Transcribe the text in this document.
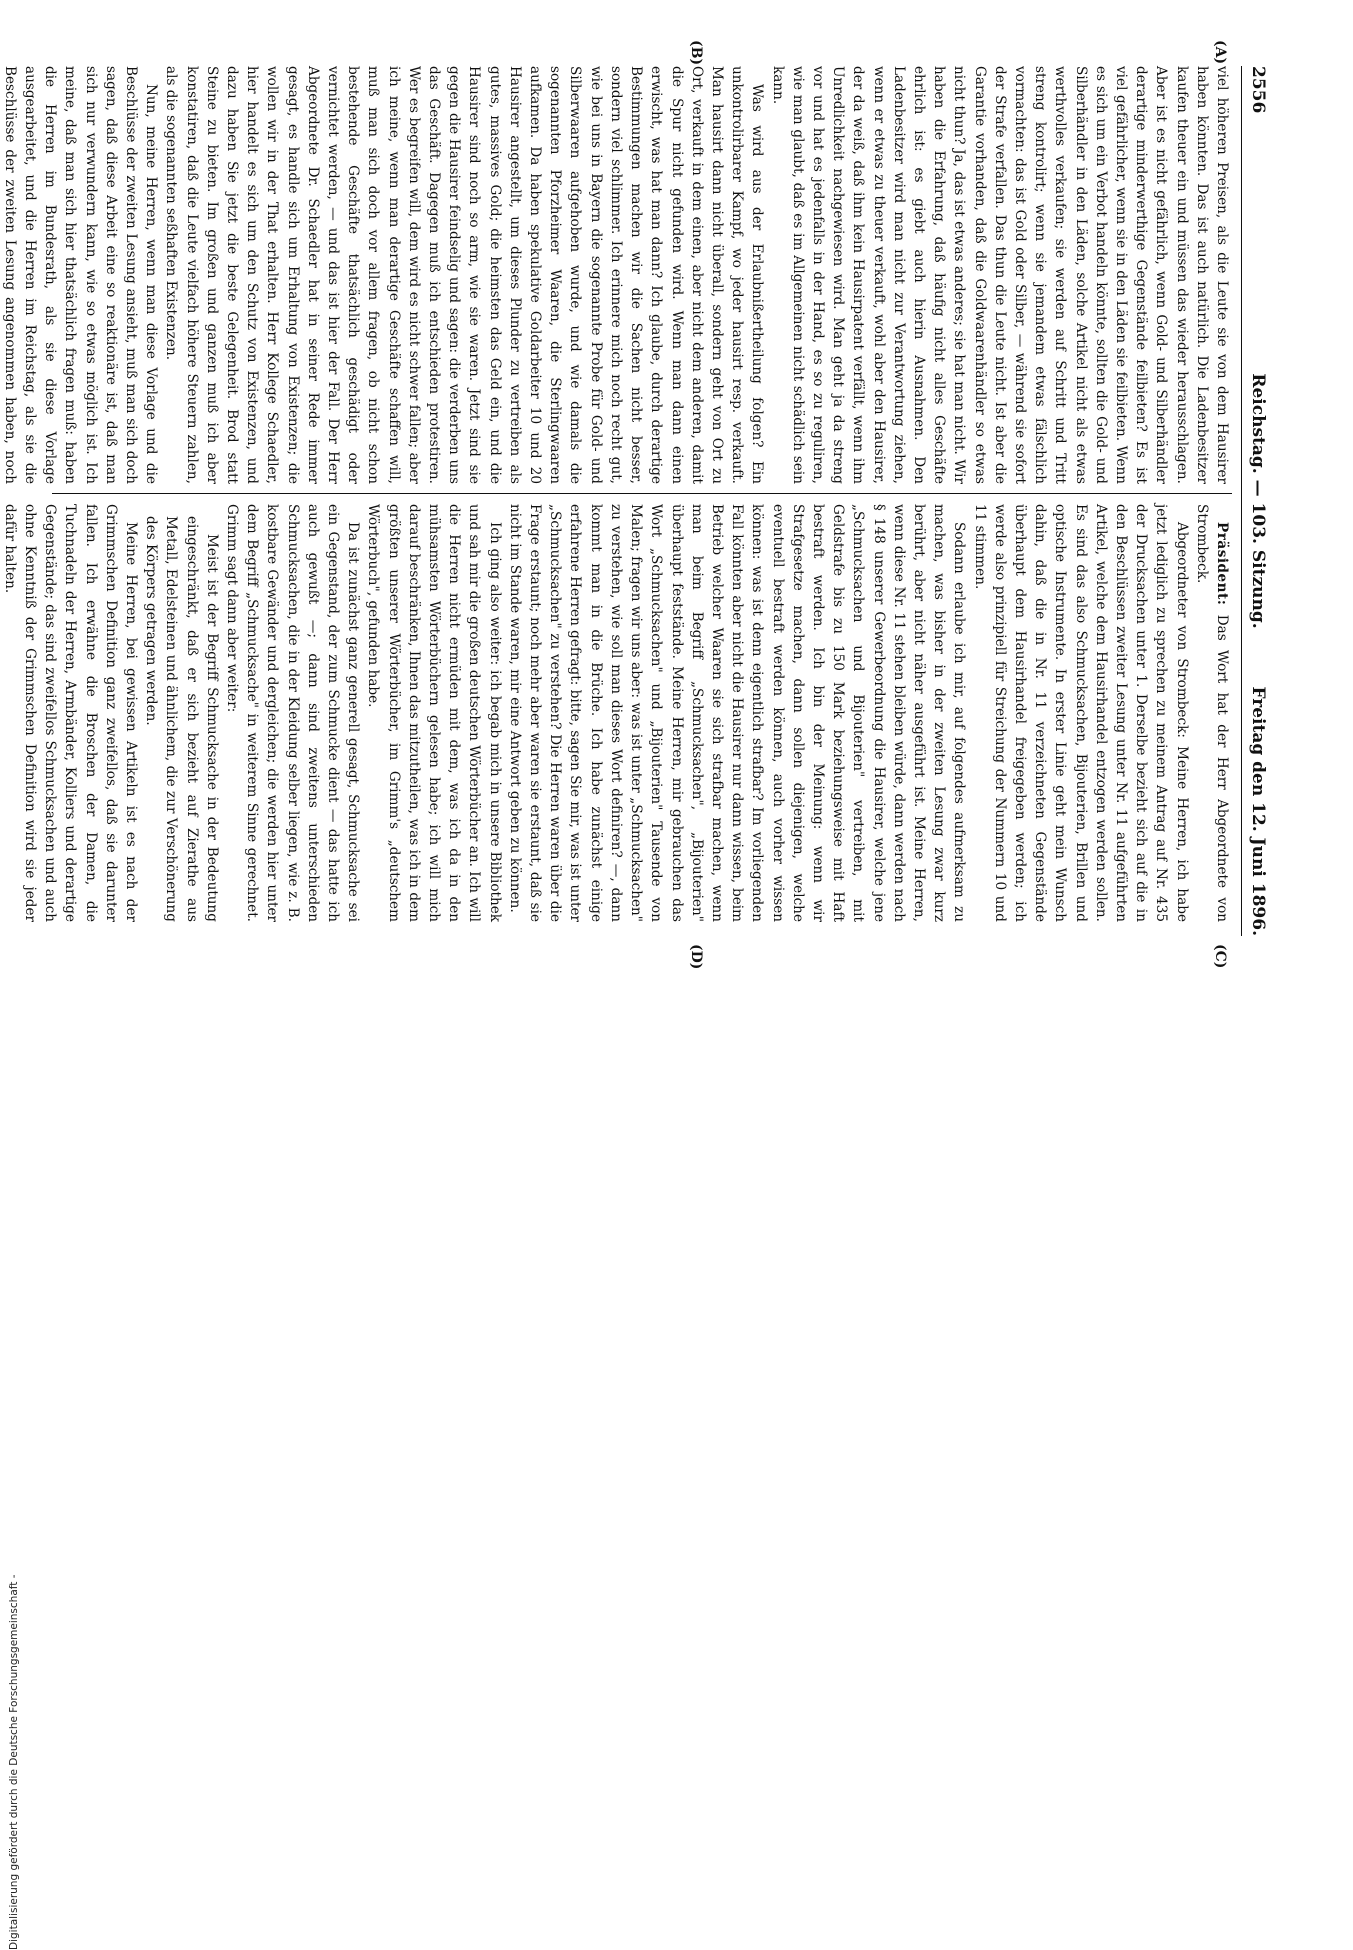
Digitalisierung gefördert durch die Deutsche Forschungsgemeinschaft -
2556
Reichstag. — 103. Sitzung.
Freitag den 12. Juni 1896.
(A)
(B)
(C)
(D)

viel höheren Preisen, als die Leute sie von dem Hausirer haben könnten. Das ist auch natürlich. Die Ladenbesitzer kaufen theuer ein und müssen das wieder herausschlagen. Aber ist es nicht gefährlich, wenn Gold- und Silberhändler derartige minderwerthige Gegenstände feilbieten? Es ist viel gefährlicher, wenn sie in den Läden sie feilbieten. Wenn es sich um ein Verbot handeln könnte, sollten die Gold- und Silberhändler in den Läden, solche Artikel nicht als etwas werthvolles verkaufen; sie werden auf Schritt und Tritt streng kontrolirt; wenn sie jemandem etwas fälschlich vormachten: das ist Gold oder Silber, — während sie sofort der Strafe verfallen. Das thun die Leute nicht. Ist aber die Garantie vorhanden, daß die Goldwaarenhändler so etwas nicht thun? Ja, das ist etwas anderes; sie hat man nicht. Wir haben die Erfahrung, daß häufig nicht alles Geschäfte ehrlich ist: es giebt auch hierin Ausnahmen. Den Ladenbesitzer wird man nicht zur Verantwortung ziehen, wenn er etwas zu theuer verkauft, wohl aber den Hausirer, der da weiß, daß ihm kein Hausirpatent verfällt, wenn ihm Unredlichkeit nachgewiesen wird. Man geht ja da streng vor und hat es jedenfalls in der Hand, es so zu reguliren, wie man glaubt, daß es im Allgemeinen nicht schädlich sein kann.

Was wird aus der Erlaubnißertheilung folgen? Ein unkontrolirbarer Kampf, wo jeder hausirt resp. verkauft. Man hausirt dann nicht überall, sondern geht von Ort zu Ort, verkauft in dem einen, aber nicht dem anderen, damit die Spur nicht gefunden wird. Wenn man dann einen erwischt, was hat man dann? Ich glaube, durch derartige Bestimmungen machen wir die Sachen nicht besser, sondern viel schlimmer. Ich erinnere mich noch recht gut, wie bei uns in Bayern die sogenannte Probe für Gold- und Silberwaaren aufgehoben wurde, und wie damals die sogenannten Pforzheimer Waaren, die Sterlingwaaren aufkamen. Da haben spekulative Goldarbeiter 10 und 20 Hausirer angestellt, um dieses Plunder zu vertreiben als gutes, massives Gold; die heimsten das Geld ein, und die Hausirer sind noch so arm, wie sie waren. Jetzt sind sie gegen die Hausirer feindselig und sagen: die verderben uns das Geschäft. Dagegen muß ich entschieden protestiren. Wer es begreifen will, dem wird es nicht schwer fallen; aber ich meine, wenn man derartige Geschäfte schaffen will, muß man sich doch vor allem fragen, ob nicht schon bestehende Geschäfte thatsächlich geschädigt oder vernichtet werden, — und das ist hier der Fall. Der Herr Abgeordnete Dr. Schaedler hat in seiner Rede immer gesagt, es handle sich um Erhaltung von Existenzen; die wollen wir in der That erhalten. Herr Kollege Schaedler, hier handelt es sich um den Schutz von Existenzen, und dazu haben Sie jetzt die beste Gelegenheit. Brod statt Steine zu bieten. Im großen und ganzen muß ich aber konstatiren, daß die Leute vielfach höhere Steuern zahlen, als die sogenannten seßhaften Existenzen.

Nun, meine Herren, wenn man diese Vorlage und die Beschlüsse der zweiten Lesung ansieht, muß man sich doch sagen, daß diese Arbeit eine so reaktionäre ist, daß man sich nur verwundern kann, wie so etwas möglich ist. Ich meine, daß man sich hier thatsächlich fragen muß: haben die Herren im Bundesrath, als sie diese Vorlage ausgearbeitet, und die Herren im Reichstag, als sie die Beschlüsse der zweiten Lesung angenommen haben, noch

Präsident: Das Wort hat der Herr Abgeordnete von Strombeck.

Abgeordneter von Strombeck: Meine Herren, ich habe jetzt lediglich zu sprechen zu meinem Antrag auf Nr. 435 der Drucksachen unter 1. Derselbe bezieht sich auf die in den Beschlüssen zweiter Lesung unter Nr. 11 aufgeführten Artikel, welche dem Hausirhandel entzogen werden sollen. Es sind das also Schmucksachen, Bijouterien, Brillen und optische Instrumente. In erster Linie geht mein Wunsch dahin, daß die in Nr. 11 verzeichneten Gegenstände überhaupt dem Hausirhandel freigegeben werden; ich werde also prinzipiell für Streichung der Nummern 10 und 11 stimmen.

Sodann erlaube ich mir, auf folgendes aufmerksam zu machen, was bisher in der zweiten Lesung zwar kurz berührt, aber nicht näher ausgeführt ist. Meine Herren, wenn diese Nr. 11 stehen bleiben würde, dann werden nach § 148 unserer Gewerbeordnung die Hausirer, welche jene „Schmucksachen und Bijouterien" vertreiben, mit Geldstrafe bis zu 150 Mark beziehungsweise mit Haft bestraft werden. Ich bin der Meinung: wenn wir Strafgesetze machen, dann sollen diejenigen, welche eventuell bestraft werden können, auch vorher wissen können: was ist denn eigentlich strafbar? Im vorliegenden Fall könnten aber nicht die Hausirer nur dann wissen, beim Betrieb welcher Waaren sie sich strafbar machen, wenn man beim Begriff „Schmucksachen", „Bijouterien" überhaupt feststände. Meine Herren, mir gebrauchen das Wort „Schmucksachen" und „Bijouterien" Tausende von Malen; fragen wir uns aber: was ist unter „Schmucksachen" zu verstehen, wie soll man dieses Wort definiren? —, dann kommt man in die Brüche. Ich habe zunächst einige erfahrene Herren gefragt: bitte, sagen Sie mir, was ist unter „Schmucksachen" zu verstehen? Die Herren waren über die Frage erstaunt; noch mehr aber waren sie erstaunt, daß sie nicht im Stande waren, mir eine Antwort geben zu können.

Ich ging also weiter: ich begab mich in unsere Bibliothek und sah mir die großen deutschen Wörterbücher an. Ich will die Herren nicht ermüden mit dem, was ich da in den mühsamsten Wörterbüchern gelesen habe; ich will mich darauf beschränken, Ihnen das mitzutheilen, was ich in dem größten unserer Wörterbücher, im Grimm's „deutschem Wörterbuch", gefunden habe.

Da ist zunächst ganz generell gesagt, Schmucksache sei ein Gegenstand, der zum Schmucke dient — das hatte ich auch gewußt —; dann sind zweitens unterschieden Schmucksachen, die in der Kleidung selber liegen, wie z. B. kostbare Gewänder und dergleichen; die werden hier unter dem Begriff „Schmucksache" in weiterem Sinne gerechnet. Grimm sagt dann aber weiter:

Meist ist der Begriff Schmucksache in der Bedeutung eingeschränkt, daß er sich bezieht auf Zierathe aus Metall, Edelsteinen und ähnlichem, die zur Verschönerung des Körpers getragen werden.

Meine Herren, bei gewissen Artikeln ist es nach der Grimmschen Definition ganz zweifellos, daß sie darunter fallen. Ich erwähne die Broschen der Damen, die Tuchnadeln der Herren, Armbänder, Kolliers und derartige Gegenstände; das sind zweifellos Schmucksachen und auch ohne Kenntniß der Grimmschen Definition wird sie jeder dafür halten.
